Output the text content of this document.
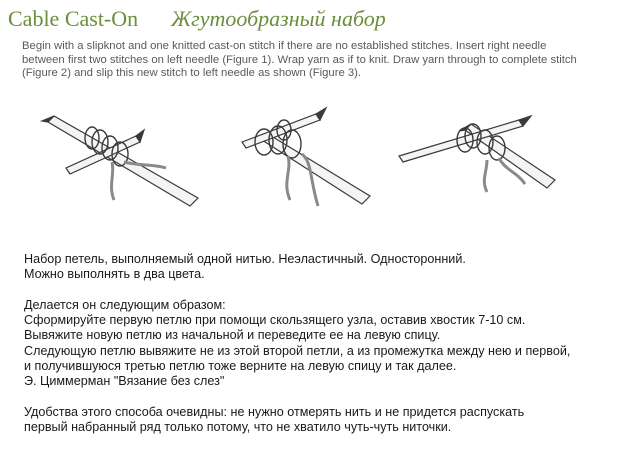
Cable Cast-On Жгутообразный набор
Begin with a slipknot and one knitted cast-on stitch if there are no established stitches. Insert right needle
between first two stitches on left needle (Figure 1). Wrap yarn as if to knit. Draw yarn through to complete stitch
(Figure 2) and slip this new stitch to left needle as shown (Figure 3).
Набор петель, выполняемый одной нитью. Неэластичный. Односторонний.
Можно выполнять в два цвета.
Делается он следующим образом:
Сформируйте первую петлю при помощи скользящего узла, оставив хвостик 7-10 см.
Вывяжите новую петлю из начальной и переведите ее на левую спицу.
Следующую петлю вывяжите не из этой второй петли, а из промежутка между нею и первой,
и получившуюся третью петлю тоже верните на левую спицу и так далее.
Э. Циммерман "Вязание без слез"
Удобства этого способа очевидны: не нужно отмерять нить и не придется распускать
первый набранный ряд только потому, что не хватило чуть-чуть ниточки.
